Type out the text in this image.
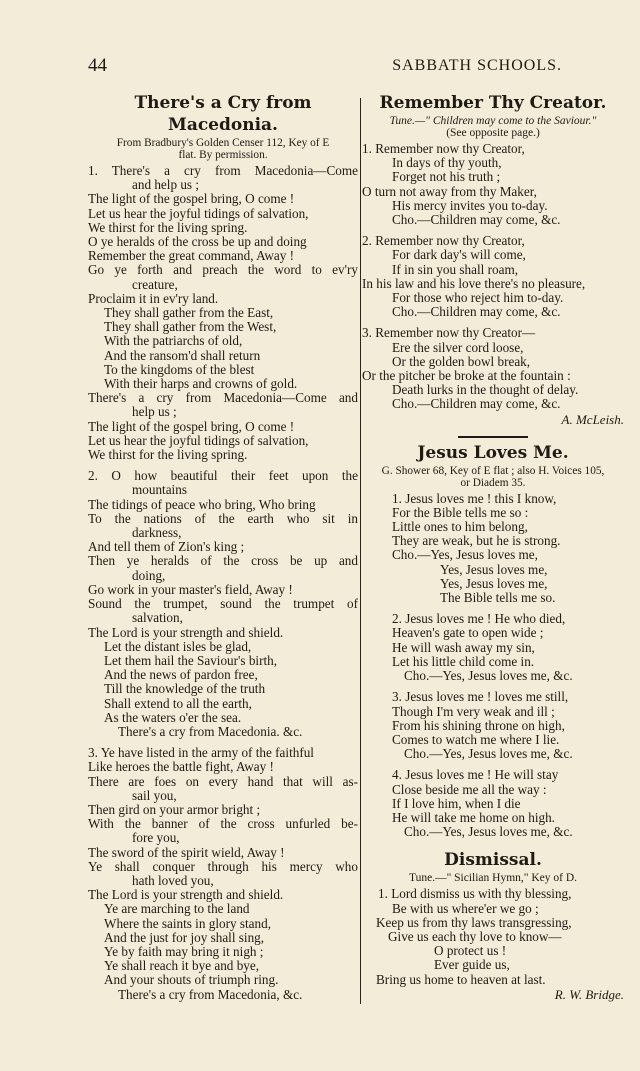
44	SABBATH SCHOOLS.
There's a Cry from Macedonia.
From Bradbury's Golden Censer 112, Key of E
flat. By permission.
1. There's a cry from Macedonia—Come
and help us ;
The light of the gospel bring, O come !
Let us hear the joyful tidings of salvation,
We thirst for the living spring.
O ye heralds of the cross be up and doing
Remember the great command, Away !
Go ye forth and preach the word to ev'ry
creature,
Proclaim it in ev'ry land.
They shall gather from the East,
They shall gather from the West,
With the patriarchs of old,
And the ransom'd shall return
To the kingdoms of the blest
With their harps and crowns of gold.
There's a cry from Macedonia—Come and
help us ;
The light of the gospel bring, O come !
Let us hear the joyful tidings of salvation,
We thirst for the living spring.
2. O how beautiful their feet upon the
mountains
The tidings of peace who bring, Who bring
To the nations of the earth who sit in
darkness,
And tell them of Zion's king ;
Then ye heralds of the cross be up and
doing,
Go work in your master's field, Away !
Sound the trumpet, sound the trumpet of
salvation,
The Lord is your strength and shield.
Let the distant isles be glad,
Let them hail the Saviour's birth,
And the news of pardon free,
Till the knowledge of the truth
Shall extend to all the earth,
As the waters o'er the sea.
There's a cry from Macedonia. &c.
3. Ye have listed in the army of the faithful
Like heroes the battle fight, Away !
There are foes on every hand that will as-
sail you,
Then gird on your armor bright ;
With the banner of the cross unfurled be-
fore you,
The sword of the spirit wield, Away !
Ye shall conquer through his mercy who
hath loved you,
The Lord is your strength and shield.
Ye are marching to the land
Where the saints in glory stand,
And the just for joy shall sing,
Ye by faith may bring it nigh ;
Ye shall reach it bye and bye,
And your shouts of triumph ring.
There's a cry from Macedonia, &c.
Remember Thy Creator.
Tune.—" Children may come to the Saviour."
(See opposite page.)
1. Remember now thy Creator,
In days of thy youth,
Forget not his truth ;
O turn not away from thy Maker,
His mercy invites you to-day.
Cho.—Children may come, &c.
2. Remember now thy Creator,
For dark day's will come,
If in sin you shall roam,
In his law and his love there's no pleasure,
For those who reject him to-day.
Cho.—Children may come, &c.
3. Remember now thy Creator—
Ere the silver cord loose,
Or the golden bowl break,
Or the pitcher be broke at the fountain :
Death lurks in the thought of delay.
Cho.—Children may come, &c.
A. McLeish.
Jesus Loves Me.
G. Shower 68, Key of E flat ; also H. Voices 105,
or Diadem 35.
1. Jesus loves me ! this I know,
For the Bible tells me so :
Little ones to him belong,
They are weak, but he is strong.
Cho.—Yes, Jesus loves me,
Yes, Jesus loves me,
Yes, Jesus loves me,
The Bible tells me so.
2. Jesus loves me ! He who died,
Heaven's gate to open wide ;
He will wash away my sin,
Let his little child come in.
Cho.—Yes, Jesus loves me, &c.
3. Jesus loves me ! loves me still,
Though I'm very weak and ill ;
From his shining throne on high,
Comes to watch me where I lie.
Cho.—Yes, Jesus loves me, &c.
4. Jesus loves me ! He will stay
Close beside me all the way :
If I love him, when I die
He will take me home on high.
Cho.—Yes, Jesus loves me, &c.
Dismissal.
Tune.—" Sicilian Hymn," Key of D.
1. Lord dismiss us with thy blessing,
Be with us where'er we go ;
Keep us from thy laws transgressing,
Give us each thy love to know—
O protect us !
Ever guide us,
Bring us home to heaven at last.
R. W. Bridge.
